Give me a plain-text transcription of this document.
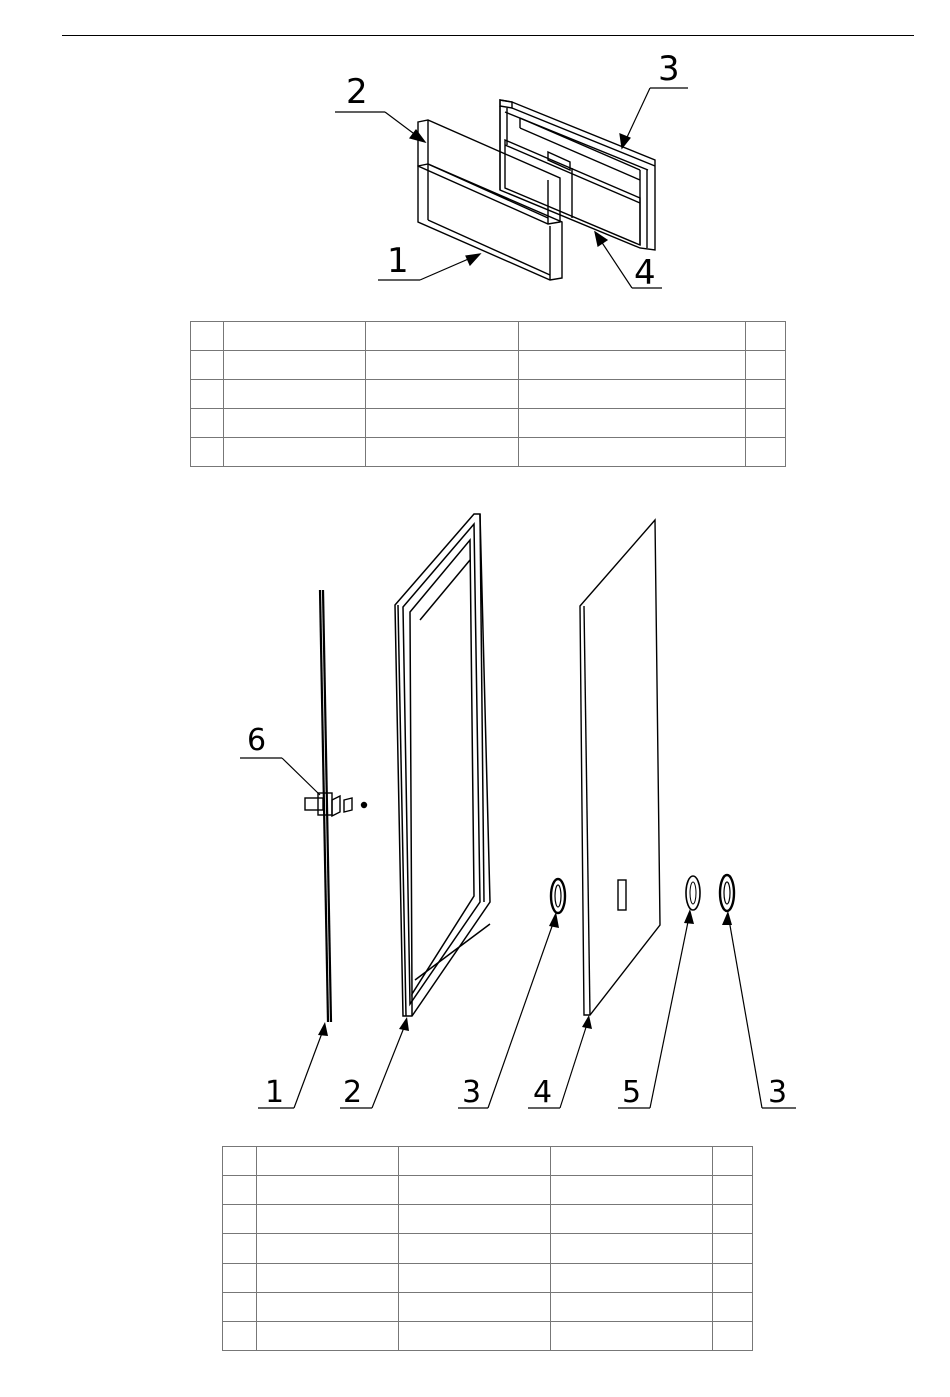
2
3
1	4

6
1 2	3 4 5	3
